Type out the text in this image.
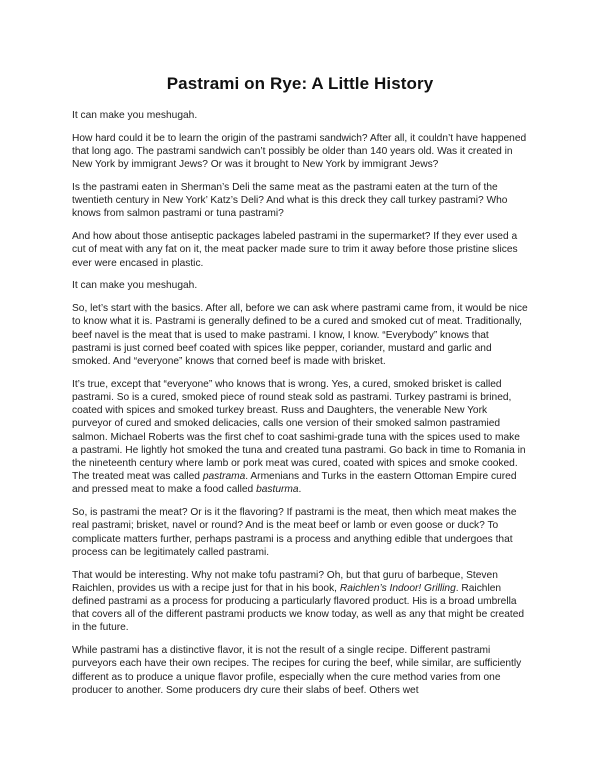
Pastrami on Rye: A Little History

It can make you meshugah.

How hard could it be to learn the origin of the pastrami sandwich? After all, it couldn’t have happened that long ago. The pastrami sandwich can’t possibly be older than 140 years old. Was it created in New York by immigrant Jews? Or was it brought to New York by immigrant Jews?

Is the pastrami eaten in Sherman’s Deli the same meat as the pastrami eaten at the turn of the twentieth century in New York’ Katz’s Deli? And what is this dreck they call turkey pastrami? Who knows from salmon pastrami or tuna pastrami?

And how about those antiseptic packages labeled pastrami in the supermarket? If they ever used a cut of meat with any fat on it, the meat packer made sure to trim it away before those pristine slices ever were encased in plastic.

It can make you meshugah.

So, let’s start with the basics. After all, before we can ask where pastrami came from, it would be nice to know what it is. Pastrami is generally defined to be a cured and smoked cut of meat. Traditionally, beef navel is the meat that is used to make pastrami. I know, I know. “Everybody” knows that pastrami is just corned beef coated with spices like pepper, coriander, mustard and garlic and smoked. And “everyone” knows that corned beef is made with brisket.

It’s true, except that “everyone” who knows that is wrong. Yes, a cured, smoked brisket is called pastrami. So is a cured, smoked piece of round steak sold as pastrami. Turkey pastrami is brined, coated with spices and smoked turkey breast. Russ and Daughters, the venerable New York purveyor of cured and smoked delicacies, calls one version of their smoked salmon pastramied salmon. Michael Roberts was the first chef to coat sashimi-grade tuna with the spices used to make a pastrami. He lightly hot smoked the tuna and created tuna pastrami. Go back in time to Romania in the nineteenth century where lamb or pork meat was cured, coated with spices and smoke cooked. The treated meat was called pastrama. Armenians and Turks in the eastern Ottoman Empire cured and pressed meat to make a food called basturma.

So, is pastrami the meat? Or is it the flavoring? If pastrami is the meat, then which meat makes the real pastrami; brisket, navel or round? And is the meat beef or lamb or even goose or duck? To complicate matters further, perhaps pastrami is a process and anything edible that undergoes that process can be legitimately called pastrami.

That would be interesting. Why not make tofu pastrami? Oh, but that guru of barbeque, Steven Raichlen, provides us with a recipe just for that in his book, Raichlen’s Indoor! Grilling. Raichlen defined pastrami as a process for producing a particularly flavored product. His is a broad umbrella that covers all of the different pastrami products we know today, as well as any that might be created in the future.

While pastrami has a distinctive flavor, it is not the result of a single recipe. Different pastrami purveyors each have their own recipes. The recipes for curing the beef, while similar, are sufficiently different as to produce a unique flavor profile, especially when the cure method varies from one producer to another. Some producers dry cure their slabs of beef. Others wet
